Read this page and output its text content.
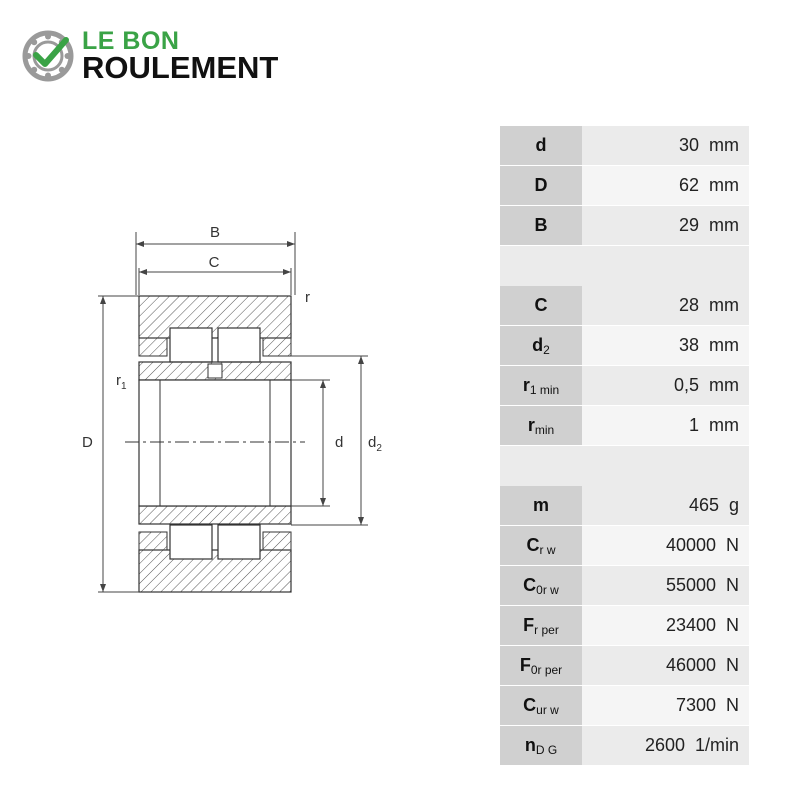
LE BON
ROULEMENT
B
C
r
D
$r_1$
d $d_2$
d	30 mm
D	62 mm
B	29 mm
C	28 mm
$d_2$	38 mm
$r_{1 min}$	0,5 mm
$r_{min}$	1 mm
m	465 g
$C_{r w}$	40000 N
$C_{0r w}$	55000 N
$F_{r per}$	23400 N
$F_{0r per}$	46000 N
$C_{ur w}$	7300 N
$n_{D G}$	2600 1/min
